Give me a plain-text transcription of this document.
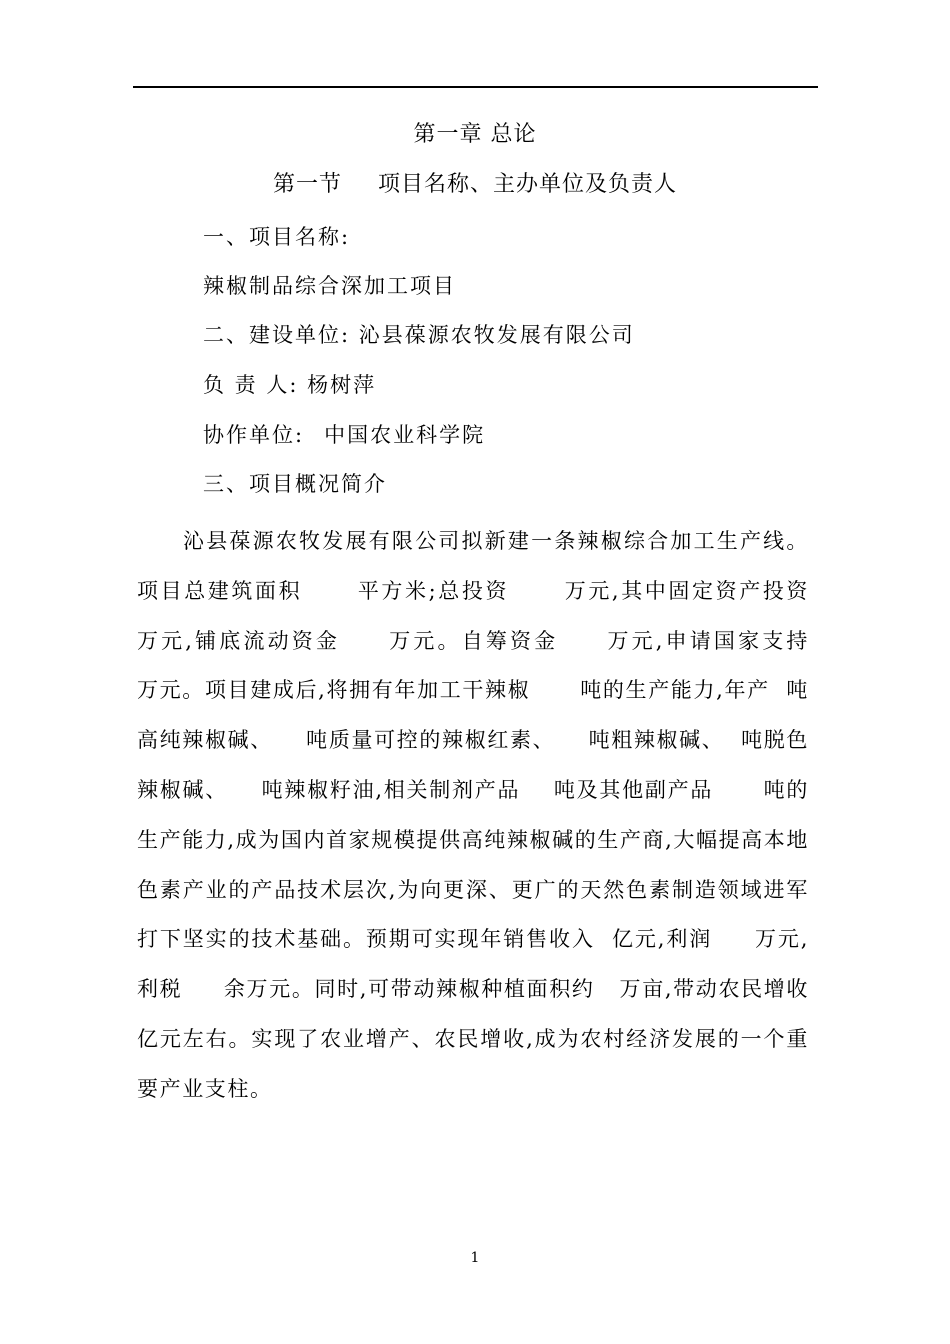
第一章 总论
第一节 项目名称、主办单位及负责人
一、项目名称:
辣椒制品综合深加工项目
二、建设单位: 沁县葆源农牧发展有限公司
负 责 人: 杨树萍
协作单位: 中国农业科学院
三、项目概况简介
沁县葆源农牧发展有限公司拟新建一条辣椒综合加工生产线。项目总建筑面积      平方米;总投资      万元,其中固定资产投资   万元,铺底流动资金     万元。自筹资金     万元,申请国家支持     万元。项目建成后,将拥有年加工干辣椒      吨的生产能力,年产  吨高纯辣椒碱、    吨质量可控的辣椒红素、    吨粗辣椒碱、  吨脱色辣椒碱、    吨辣椒籽油,相关制剂产品    吨及其他副产品      吨的生产能力,成为国内首家规模提供高纯辣椒碱的生产商,大幅提高本地色素产业的产品技术层次,为向更深、更广的天然色素制造领域进军打下坚实的技术基础。预期可实现年销售收入  亿元,利润     万元,利税     余万元。同时,可带动辣椒种植面积约   万亩,带动农民增收  亿元左右。实现了农业增产、农民增收,成为农村经济发展的一个重要产业支柱。
1
